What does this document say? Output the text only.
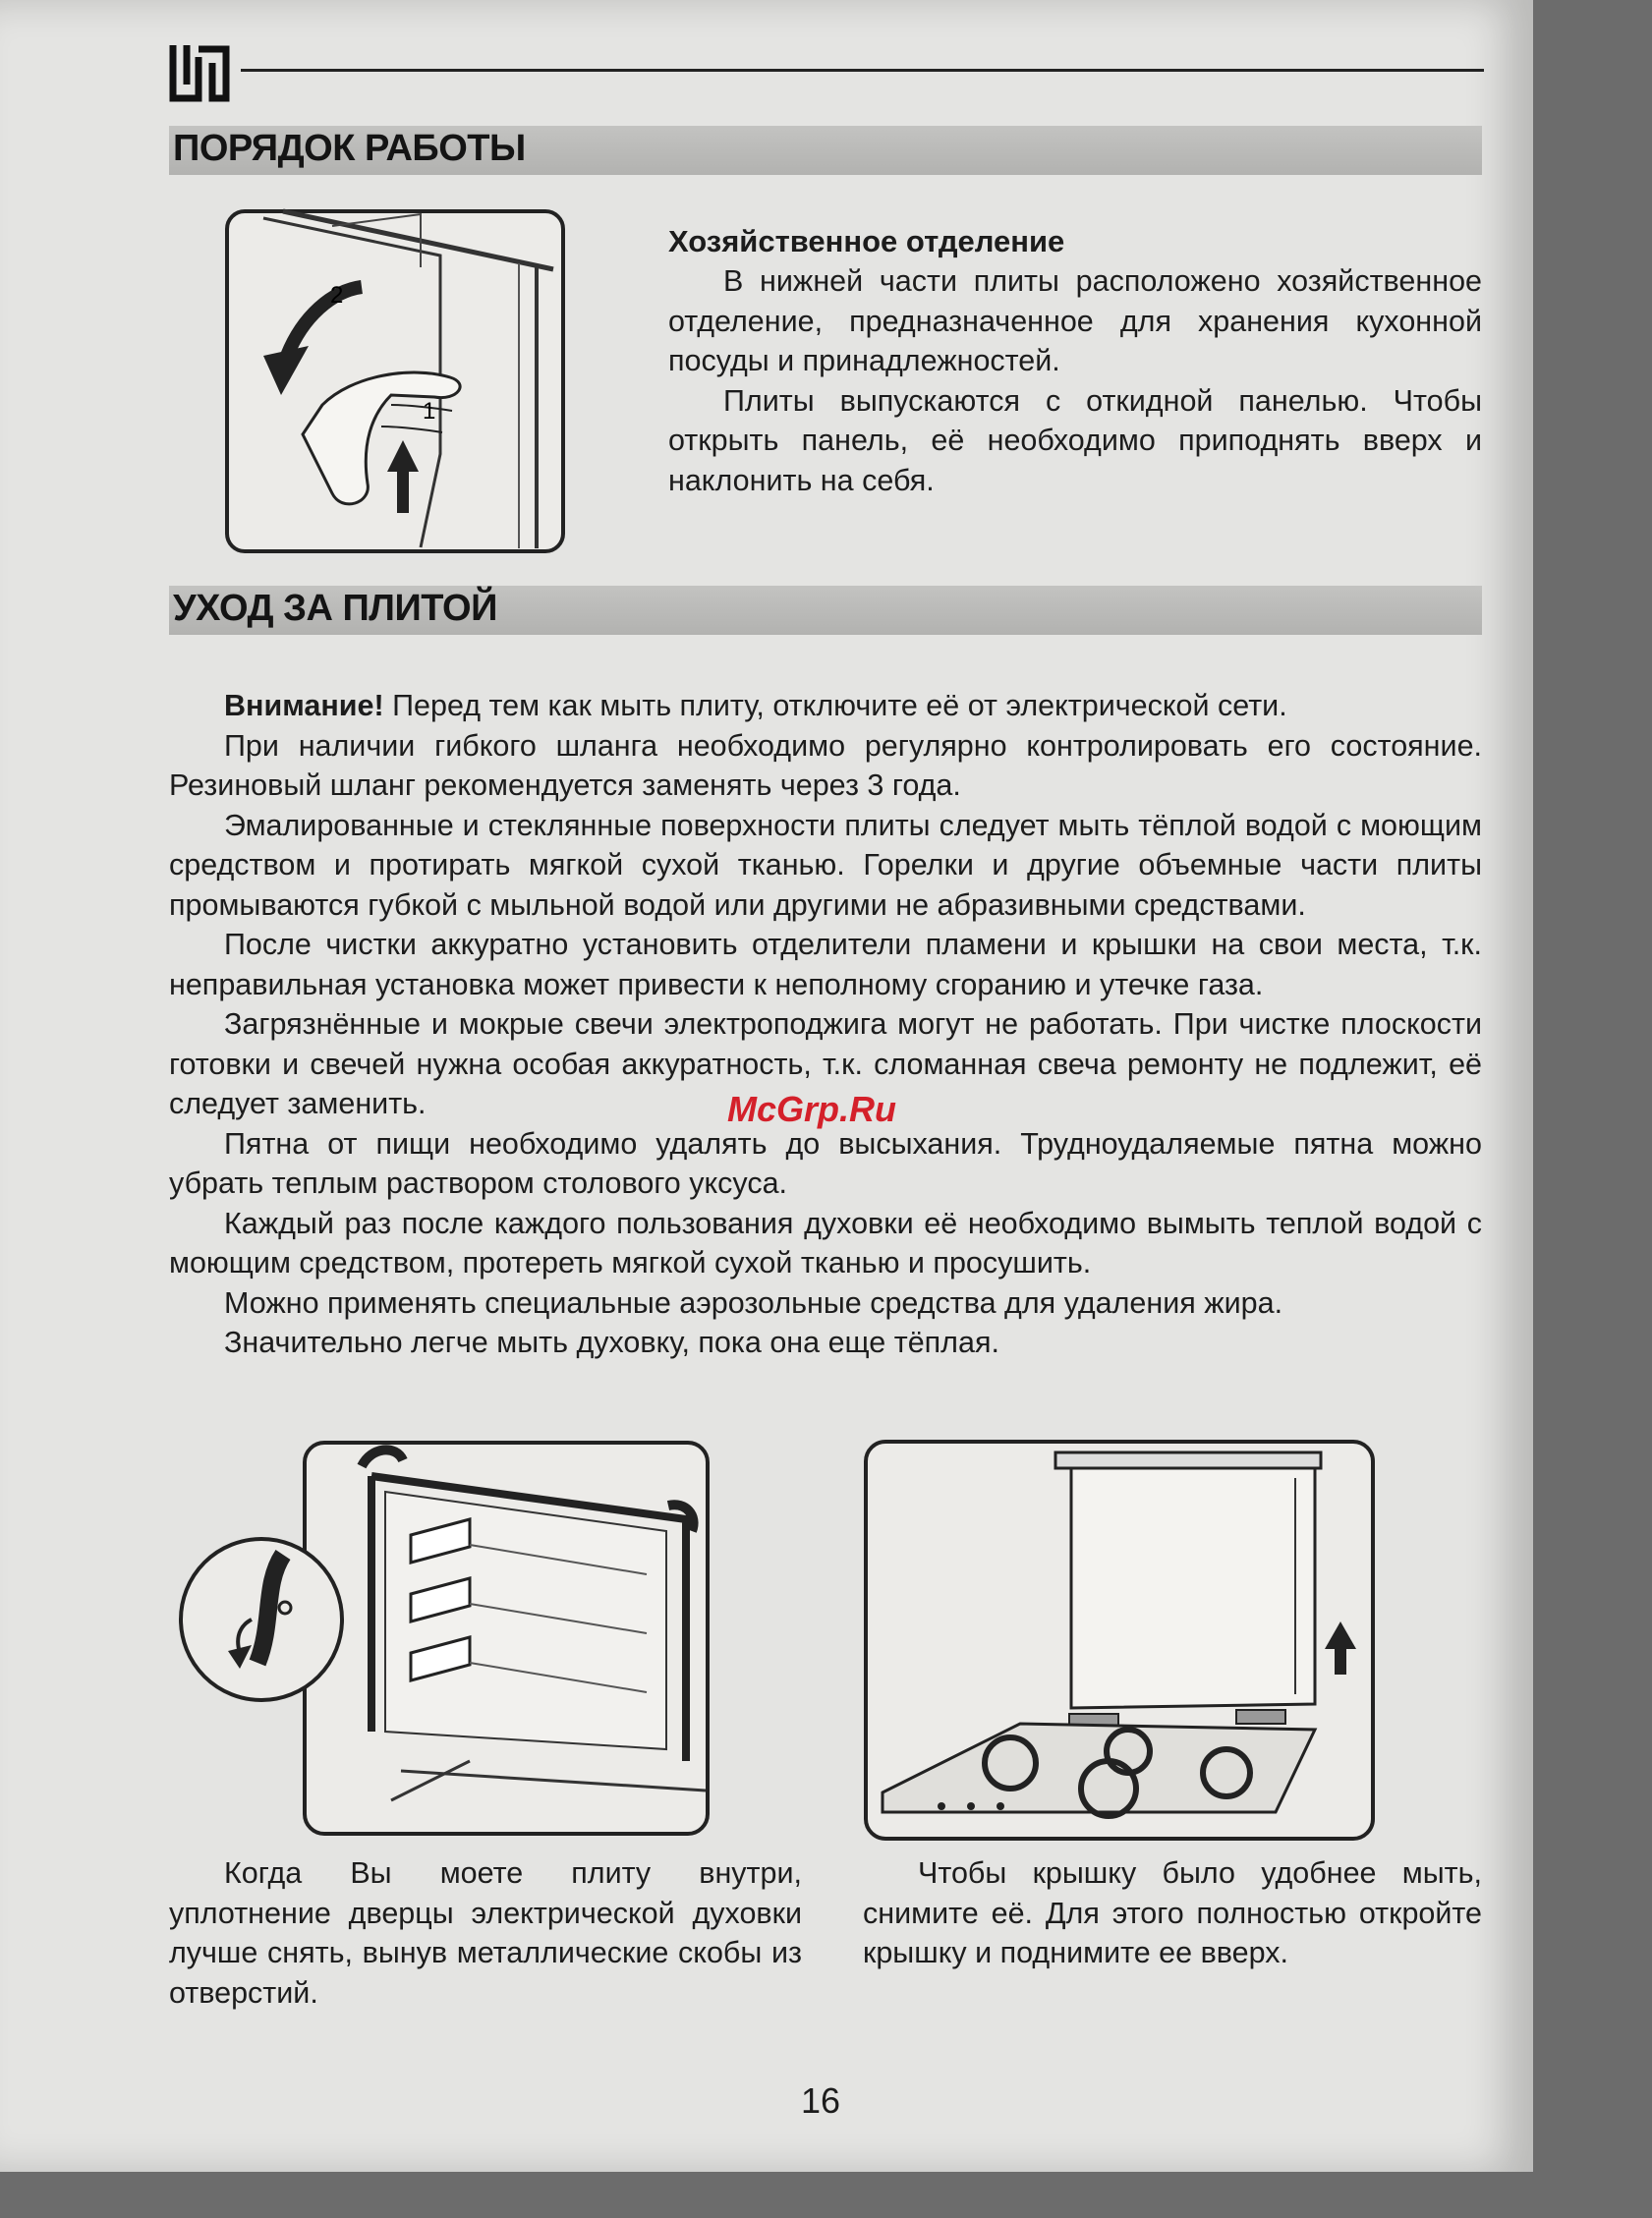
ПОРЯДОК РАБОТЫ
2
1
Хозяйственное отделение

В нижней части плиты расположено хозяйственное отделение, предназначенное для хранения кухонной посуды и принадлежностей.

Плиты выпускаются с откидной панелью. Чтобы открыть панель, её необходимо приподнять вверх и наклонить на себя.

УХОД ЗА ПЛИТОЙ

Внимание! Перед тем как мыть плиту, отключите её от электрической сети.

При наличии гибкого шланга необходимо регулярно контролировать его состояние. Резиновый шланг рекомендуется заменять через 3 года.

Эмалированные и стеклянные поверхности плиты следует мыть тёплой водой с моющим средством и протирать мягкой сухой тканью. Горелки и другие объемные части плиты промываются губкой с мыльной водой или другими не абразивными средствами.

После чистки аккуратно установить отделители пламени и крышки на свои места, т.к. неправильная установка может привести к неполному сгоранию и утечке газа.

Загрязнённые и мокрые свечи электроподжига могут не работать. При чистке плоскости готовки и свечей нужна особая аккуратность, т.к. сломанная свеча ремонту не подлежит, её следует заменить.

Пятна от пищи необходимо удалять до высыхания. Трудноудаляемые пятна можно убрать теплым раствором столового уксуса.

Каждый раз после каждого пользования духовки её необходимо вымыть теплой водой с моющим средством, протереть мягкой сухой тканью и просушить.

Можно применять специальные аэрозольные средства для удаления жира.

Значительно легче мыть духовку, пока она еще тёплая.

McGrp.Ru

Когда Вы моете плиту внутри, уплотнение дверцы электрической духовки лучше снять, вынув металлические скобы из отверстий.

Чтобы крышку было удобнее мыть, снимите её. Для этого полностью откройте крышку и поднимите ее вверх.

16
